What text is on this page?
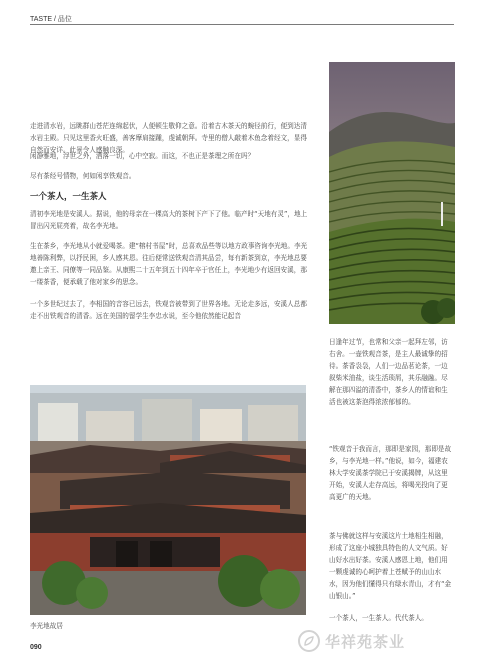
TASTE / 品位

走进清水岩，远眺群山苍茫连绵起伏，人便顿生敬仰之意。沿着古木茶天的蜿径前行，便到达清水岩主殿。只见这里香火旺盛，善客摩肩接踵，虔诚朝拜。寺里的僧人敲着木鱼念着经文，显得自然而安详。此景令人感触良深。

闲静雅地，浮世之外，洒落一切，心中空寂。而这，不也正是茶理之所在吗？

尽有茶经号情物，何如闲享铁观音。

一个茶人，一生茶人

清初李光地是安溪人。据说，他的母亲在一棵高大的茶树下产下了他。临产时“天地有灵”，地上冒出闪光屁亮着，故名李光地。

生在茶乡，李光地从小就爱喝茶。建“榕村书屋”时，总喜欢品些等以地方政事咨询李光地。李光地善陈利弊，以抒民困，乡人感其恩。往后便常送铁观音清其品尝，每有新茶到京，李光地总要邀上亲王、同僚等一同品鉴。从康熙二十五年到五十四年卒于官任上，李光地少有返回安溪，那一缕茶香，便承载了他对家乡的思念。

一个多世纪过去了，李相国的音容已远去，铁观音被带到了世界各地。无论走多远，安溪人总都走不出铁观音的清香。远在美国的留学生李忠水说，至今他依然能记起音

日逢年过节，也常和父亲一起拜左邻，访右舍。一壶铁观音茶，是主人最诚挚的招待。茶香袅袅，人们一边品茗论茶，一边叙柴米油盐，谈生活琐屑，其乐融融。尽解在那四溢的清香中，茶乡人的情谊和生活也被这茶泡得浓浓郁郁的。

“铁观音于我而言，那即是家园，那即是故乡，与李光地一样。”他说，如今，福建农林大学安溪茶学院已于安溪揭牌，从这里开始，安溪人走存高远，将喝光投向了更高更广的天地。

茶与佛就这样与安溪这片土地相生相融，形成了这座小城独具特色的人文气质。好山好水出好茶。安溪人感恩上地，他们用一颗虔诚的心呵护着上苍赋予的山山水水，因为他们懂得只有绿水青山，才有“金山银山。”

一个茶人，一生茶人。代代茶人。

李光地故居
090	华祥苑茶业
